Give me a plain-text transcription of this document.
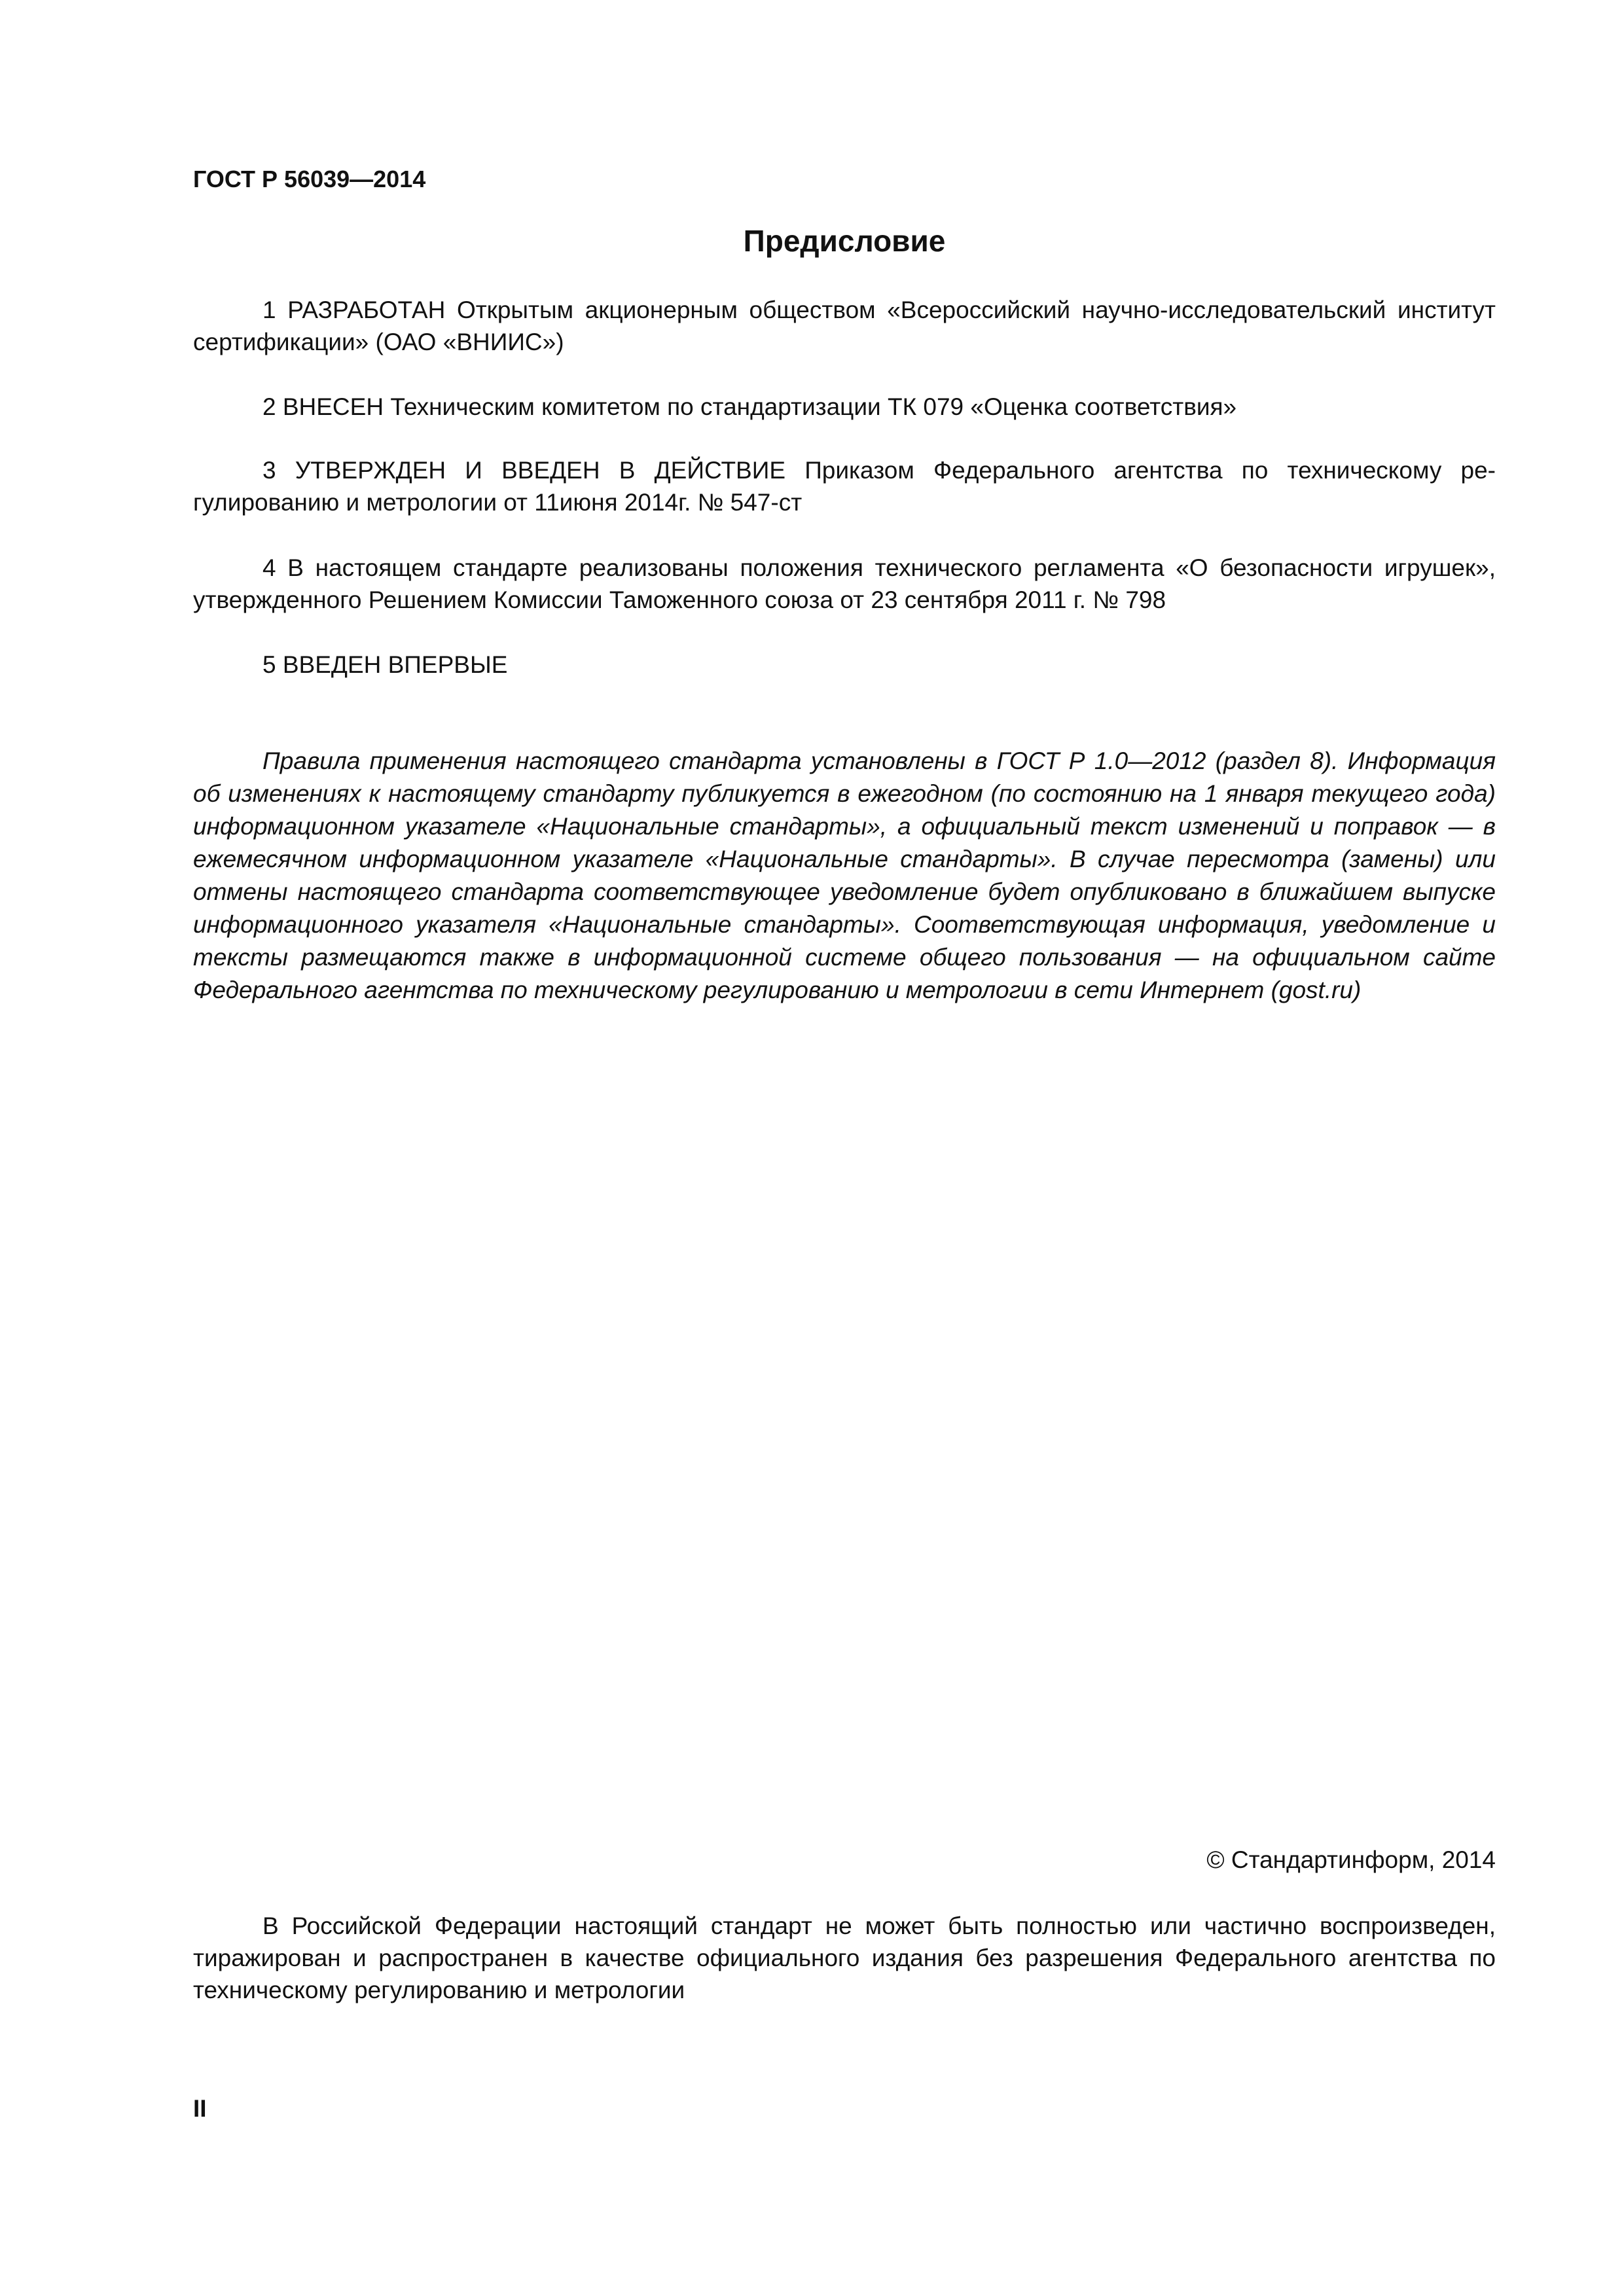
ГОСТ Р 56039—2014
Предисловие

1 РАЗРАБОТАН Открытым акционерным обществом «Всероссийский научно-исследовательский институт сертификации» (ОАО «ВНИИС»)

2 ВНЕСЕН Техническим комитетом по стандартизации ТК 079 «Оценка соответствия»

3 УТВЕРЖДЕН И ВВЕДЕН В ДЕЙСТВИЕ Приказом Федерального агентства по техническому регулированию и метрологии от 11июня 2014г. № 547-ст

4 В настоящем стандарте реализованы положения технического регламента «О безопасности игрушек», утвержденного Решением Комиссии Таможенного союза от 23 сентября 2011 г. № 798

5 ВВЕДЕН ВПЕРВЫЕ

Правила применения настоящего стандарта установлены в ГОСТ Р 1.0—2012 (раздел 8). Информация об изменениях к настоящему стандарту публикуется в ежегодном (по состоянию на 1 января текущего года) информационном указателе «Национальные стандарты», а официальный текст изменений и поправок — в ежемесячном информационном указателе «Национальные стандарты». В случае пересмотра (замены) или отмены настоящего стандарта соответствующее уведомление будет опубликовано в ближайшем выпуске информационного указателя «Национальные стандарты». Соответствующая информация, уведомление и тексты размещаются также в информационной системе общего пользования — на официальном сайте Федерального агентства по техническому регулированию и метрологии в сети Интернет (gost.ru)

© Стандартинформ, 2014

В Российской Федерации настоящий стандарт не может быть полностью или частично воспроизведен, тиражирован и распространен в качестве официального издания без разрешения Федерального агентства по техническому регулированию и метрологии

II
